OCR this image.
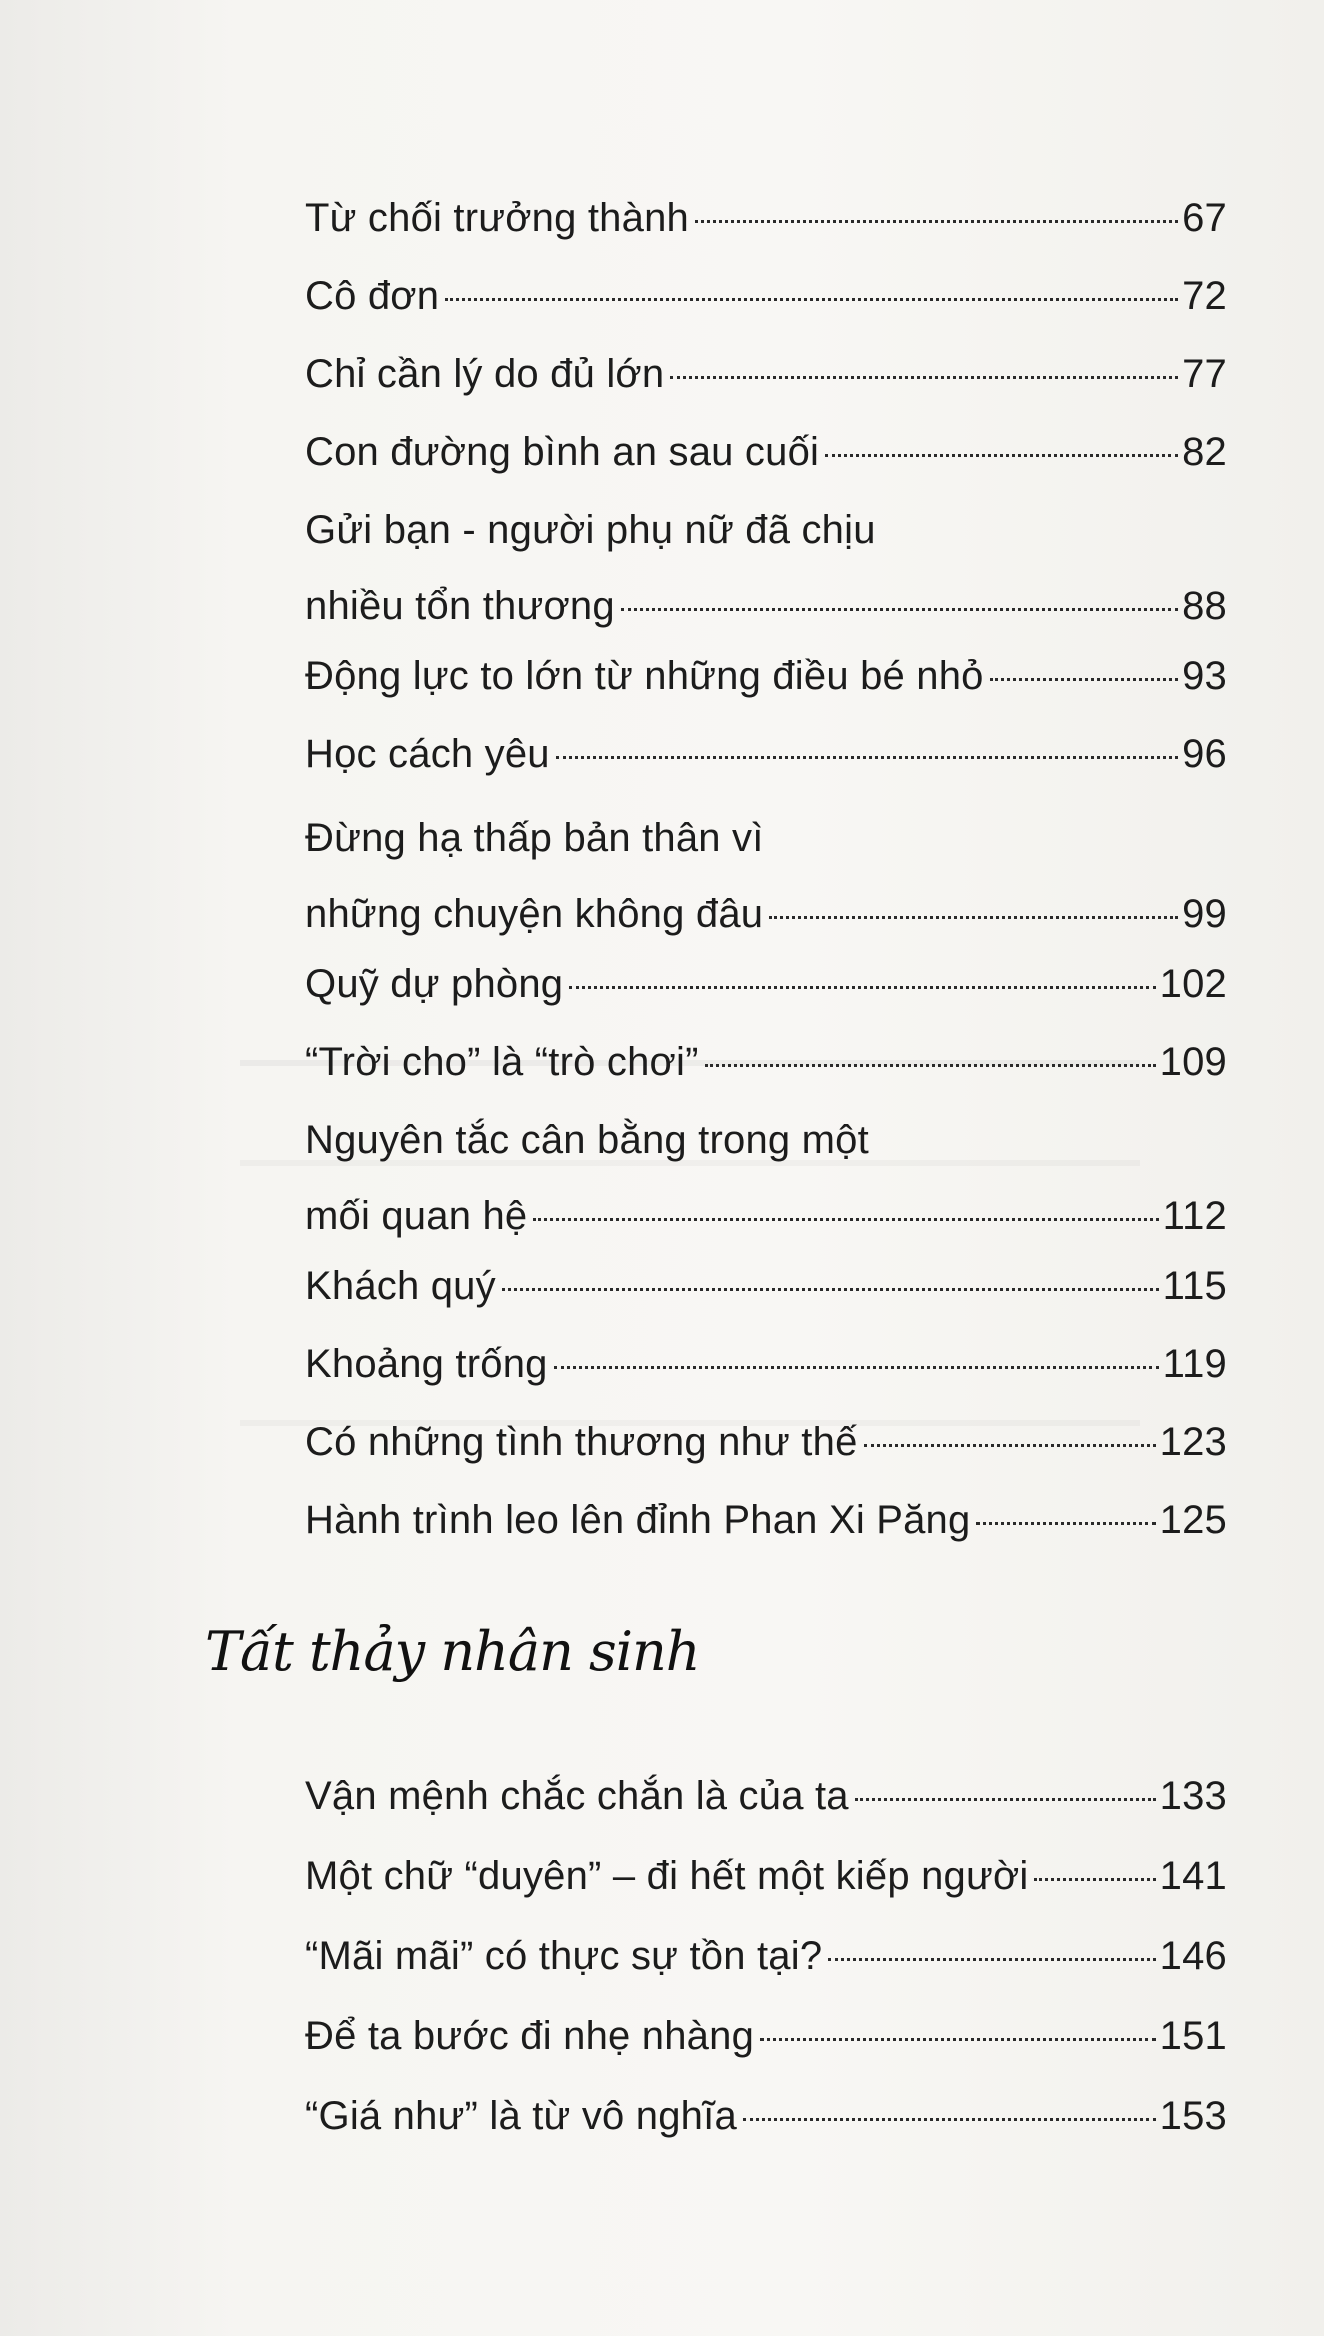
Từ chối trưởng thành	67
Cô đơn	72
Chỉ cần lý do đủ lớn	77
Con đường bình an sau cuối	82
Gửi bạn - người phụ nữ đã chịu
nhiều tổn thương	88
Động lực to lớn từ những điều bé nhỏ	93
Học cách yêu	96
Đừng hạ thấp bản thân vì
những chuyện không đâu	99
Quỹ dự phòng	102
“Trời cho” là “trò chơi”	109
Nguyên tắc cân bằng trong một
mối quan hệ	112
Khách quý	115
Khoảng trống	119
Có những tình thương như thế	123
Hành trình leo lên đỉnh Phan Xi Păng	125
Tất thảy nhân sinh
Vận mệnh chắc chắn là của ta	133
Một chữ “duyên” – đi hết một kiếp người	141
“Mãi mãi” có thực sự tồn tại?	146
Để ta bước đi nhẹ nhàng	151
“Giá như” là từ vô nghĩa	153
